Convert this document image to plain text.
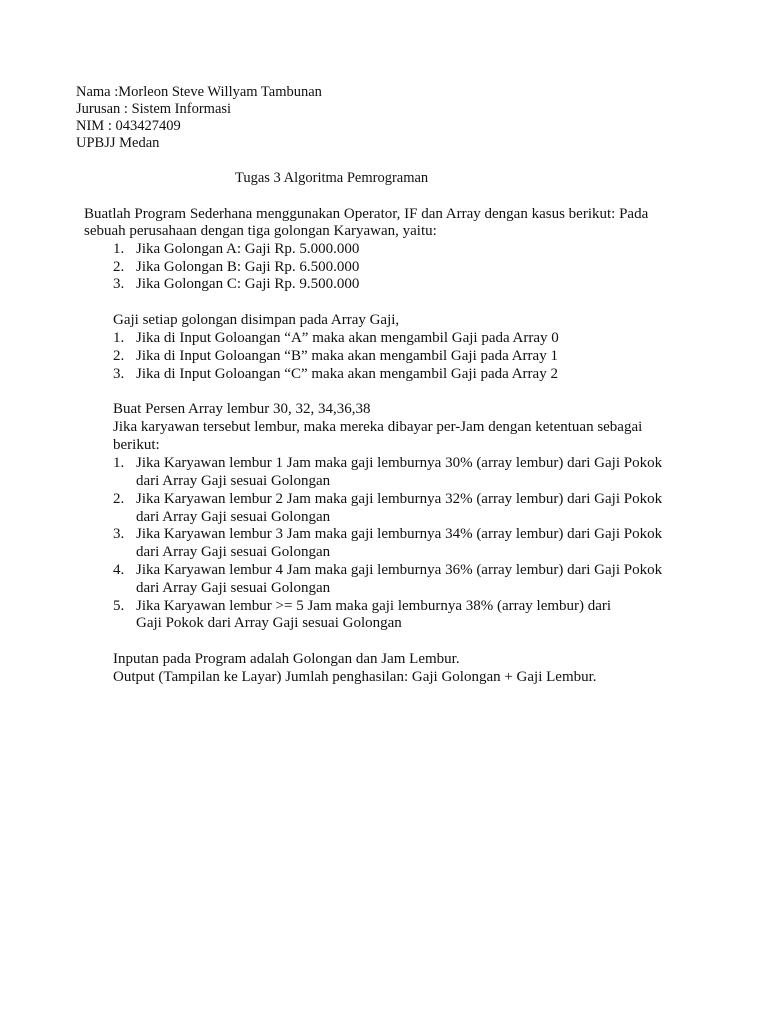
Nama :Morleon Steve Willyam Tambunan
Jurusan : Sistem Informasi
NIM : 043427409
UPBJJ Medan
Tugas 3 Algoritma Pemrograman
Buatlah Program Sederhana menggunakan Operator, IF dan Array dengan kasus berikut: Pada
sebuah perusahaan dengan tiga golongan Karyawan, yaitu:
1. Jika Golongan A: Gaji Rp. 5.000.000
2. Jika Golongan B: Gaji Rp. 6.500.000
3. Jika Golongan C: Gaji Rp. 9.500.000
Gaji setiap golongan disimpan pada Array Gaji,
1. Jika di Input Goloangan “A” maka akan mengambil Gaji pada Array 0
2. Jika di Input Goloangan “B” maka akan mengambil Gaji pada Array 1
3. Jika di Input Goloangan “C” maka akan mengambil Gaji pada Array 2
Buat Persen Array lembur 30, 32, 34,36,38
Jika karyawan tersebut lembur, maka mereka dibayar per-Jam dengan ketentuan sebagai
berikut:
1. Jika Karyawan lembur 1 Jam maka gaji lemburnya 30% (array lembur) dari Gaji Pokok
dari Array Gaji sesuai Golongan
2. Jika Karyawan lembur 2 Jam maka gaji lemburnya 32% (array lembur) dari Gaji Pokok
dari Array Gaji sesuai Golongan
3. Jika Karyawan lembur 3 Jam maka gaji lemburnya 34% (array lembur) dari Gaji Pokok
dari Array Gaji sesuai Golongan
4. Jika Karyawan lembur 4 Jam maka gaji lemburnya 36% (array lembur) dari Gaji Pokok
dari Array Gaji sesuai Golongan
5. Jika Karyawan lembur >= 5 Jam maka gaji lemburnya 38% (array lembur) dari
Gaji Pokok dari Array Gaji sesuai Golongan
Inputan pada Program adalah Golongan dan Jam Lembur.
Output (Tampilan ke Layar) Jumlah penghasilan: Gaji Golongan + Gaji Lembur.
